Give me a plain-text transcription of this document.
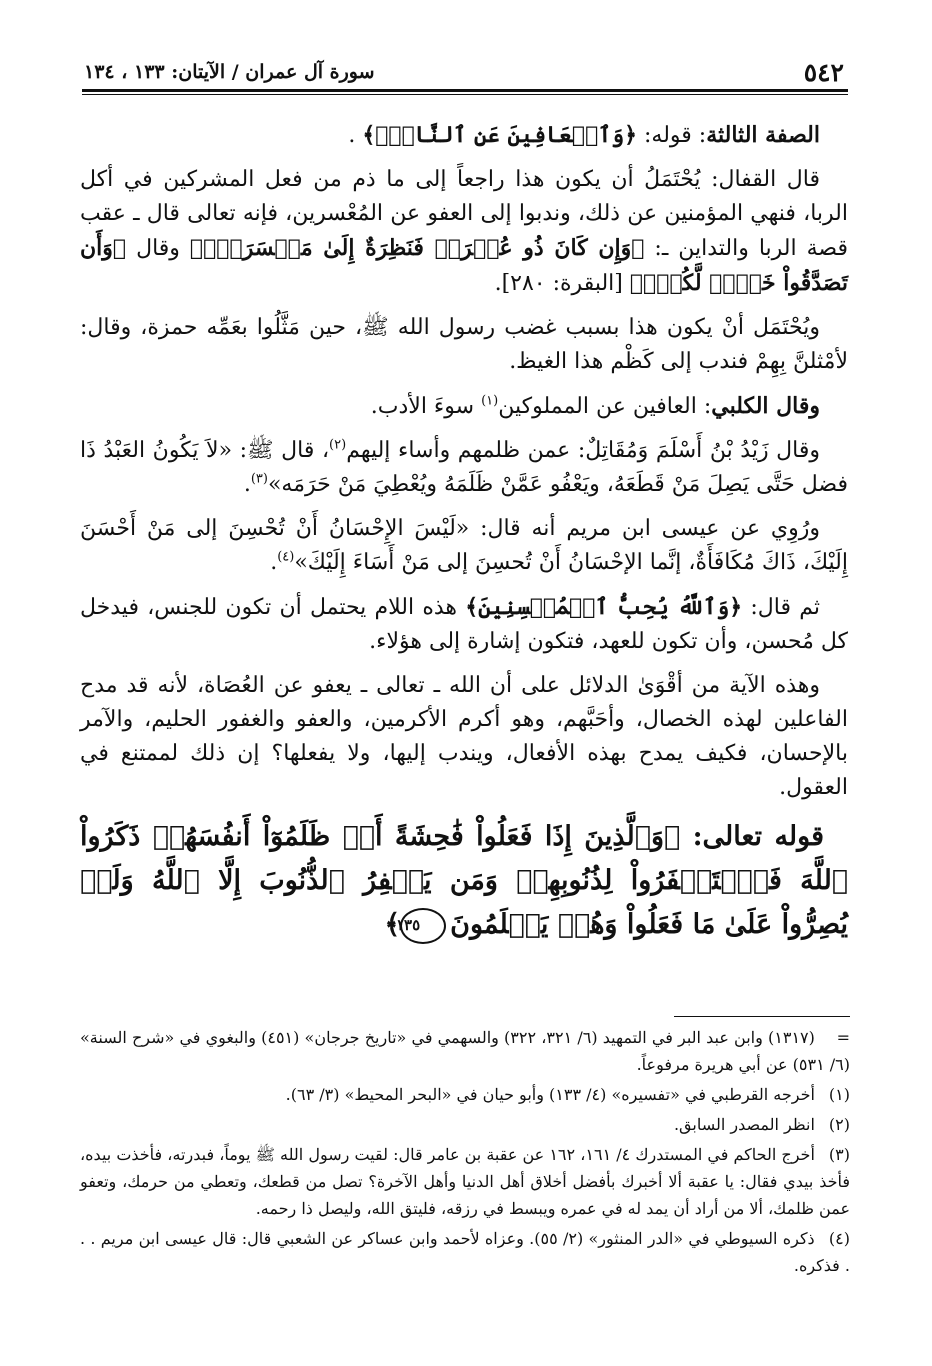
٥٤٢
سورة آل عمران / الآيتان: ١٣٣ ، ١٣٤

الصفة الثالثة: قوله: ﴿وَٱلۡعَافِينَ عَنِ ٱلنَّاسِۗ﴾ .

قال القفال: يُحْتَمَلُ أن يكون هذا راجعاً إلى ما ذم من فعل المشركين في أكل الربا، فنهي المؤمنين عن ذلك، وندبوا إلى العفو عن المُعْسرين، فإنه تعالى قال ـ عقب قصة الربا والتداين ـ: ﴿وَإِن كَانَ ذُو عُسۡرَةٖ فَنَظِرَةٌ إِلَىٰ مَيۡسَرَةٖۚ﴾ وقال ﴿وَأَن تَصَدَّقُواْ خَيۡرٞ لَّكُمۡۖ﴾ [البقرة: ٢٨٠].

ويُحْتَمَل أنْ يكون هذا بسبب غضب رسول الله ﷺ، حين مَثَّلُوا بعَمِّه حمزة، وقال: لأمْثلنَّ بِهِمْ فندب إلى كَظْم هذا الغيظ.

وقال الكلبي: العافين عن المملوكين$^{(١)}$ سوءَ الأدب.

وقال زَيْدُ بْنُ أَسْلَمَ وَمُقَاتِلٌ: عمن ظلمهم وأساء إليهم$^{(٢)}$، قال ﷺ: «لاَ يَكُونُ العَبْدُ ذَا فضل حَتَّى يَصِلَ مَنْ قَطَعَهُ، ويَعْفُو عَمَّنْ ظَلَمَهُ ويُعْطِيَ مَنْ حَرَمَه»$^{(٣)}$.

ورُوِي عن عيسى ابن مريم أنه قال: «لَيْسَ الإِحْسَانُ أَنْ تُحْسِنَ إلى مَنْ أَحْسَنَ إِلَيْكَ، ذَاكَ مُكَافَأَةٌ، إنَّما الإحْسَانُ أَنْ تُحسِنَ إلى مَنْ أَسَاءَ إِلَيْكَ»$^{(٤)}$.

ثم قال: ﴿وَٱللَّهُ يُحِبُّ ٱلۡمُحۡسِنِينَ﴾ هذه اللام يحتمل أن تكون للجنس، فيدخل كل مُحسن، وأن تكون للعهد، فتكون إشارة إلى هؤلاء.

وهذه الآية من أقْوَىٰ الدلائل على أن الله ـ تعالى ـ يعفو عن العُصَاة، لأنه قد مدح الفاعلين لهذه الخصال، وأحَبَّهم، وهو أكرم الأكرمين، والعفو والغفور الحليم، والآمر بالإحسان، فكيف يمدح بهذه الأفعال، ويندب إليها، ولا يفعلها؟ إن ذلك لممتنع في العقول.

قوله تعالى: ﴿وَٱلَّذِينَ إِذَا فَعَلُواْ فَٰحِشَةً أَوۡ ظَلَمُوٓاْ أَنفُسَهُمۡ ذَكَرُواْ ٱللَّهَ فَٱسۡتَغۡفَرُواْ لِذُنُوبِهِمۡ وَمَن يَغۡفِرُ ٱلذُّنُوبَ إِلَّا ٱللَّهُ وَلَمۡ يُصِرُّواْ عَلَىٰ مَا فَعَلُواْ وَهُمۡ يَعۡلَمُونَ١٣٥﴾

= (١٣١٧) وابن عبد البر في التمهيد (٦/ ٣٢١، ٣٢٢) والسهمي في «تاريخ جرجان» (٤٥١) والبغوي في «شرح السنة» (٦/ ٥٣١) عن أبي هريرة مرفوعاً.

(١) أخرجه القرطبي في «تفسيره» (٤/ ١٣٣) وأبو حيان في «البحر المحيط» (٣/ ٦٣).

(٢) انظر المصدر السابق.

(٣) أخرج الحاكم في المستدرك ٤/ ١٦١، ١٦٢ عن عقبة بن عامر قال: لقيت رسول الله ﷺ يوماً، فبدرته، فأخذت بيده، فأخذ بيدي فقال: يا عقبة ألا أخبرك بأفضل أخلاق أهل الدنيا وأهل الآخرة؟ تصل من قطعك، وتعطي من حرمك، وتعفو عمن ظلمك، ألا من أراد أن يمد له في عمره ويبسط في رزقه، فليتق الله، وليصل ذا رحمه.

(٤) ذكره السيوطي في «الدر المنثور» (٢/ ٥٥). وعزاه لأحمد وابن عساكر عن الشعبي قال: قال عيسى ابن مريم . . . فذكره.
